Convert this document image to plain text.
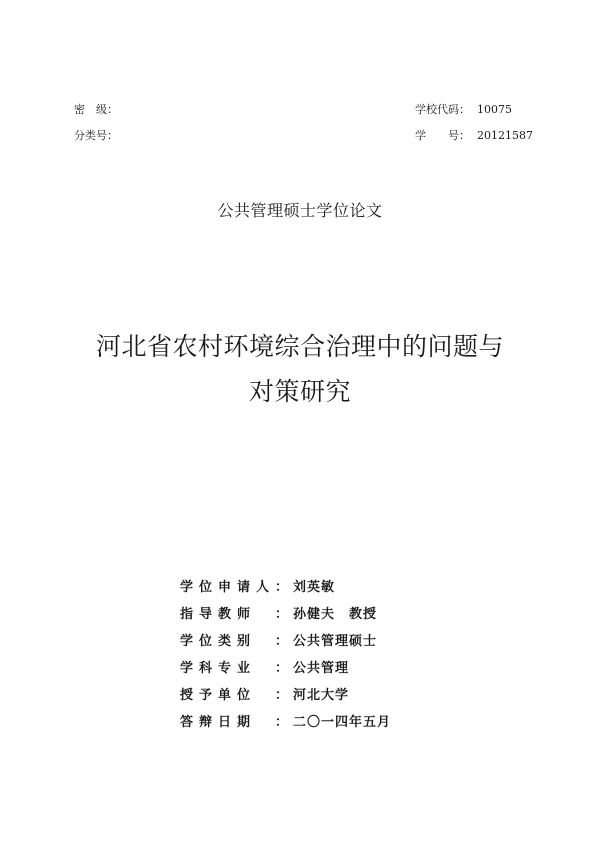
密　级：
分类号：
学校代码： 10075
学　　号： 20121587
公共管理硕士学位论文
河北省农村环境综合治理中的问题与
对策研究
学位申请人 ： 刘英敏
指导教师	： 孙健夫　教授
学位类别	： 公共管理硕士
学科专业	： 公共管理
授予单位	： 河北大学
答辩日期	： 二〇一四年五月
